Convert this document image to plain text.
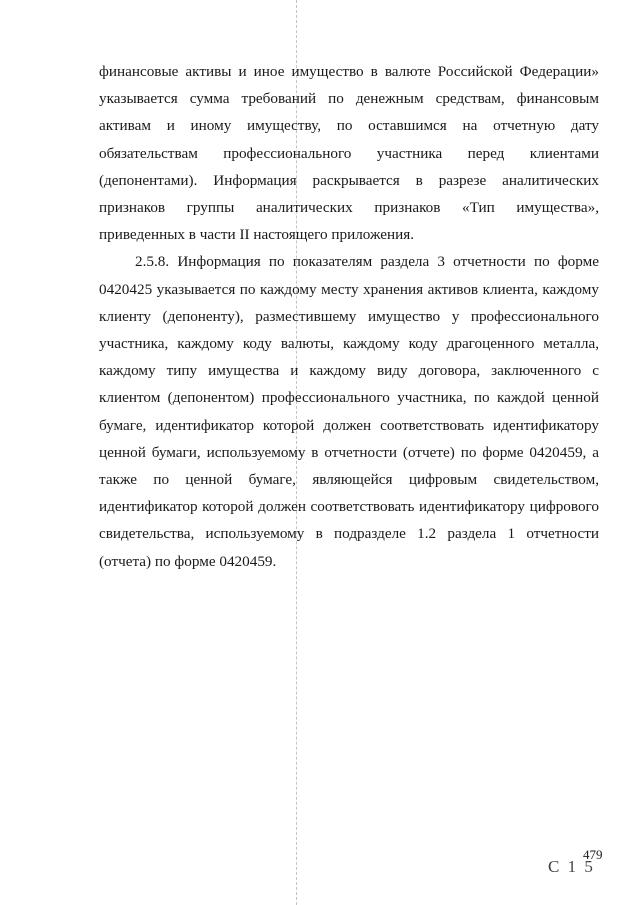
финансовые активы и иное имущество в валюте Российской Федерации» указывается сумма требований по денежным средствам, финансовым активам и иному имуществу, по оставшимся на отчетную дату обязательствам профессионального участника перед клиентами (депонентами). Информация раскрывается в разрезе аналитических признаков группы аналитических признаков «Тип имущества», приведенных в части II настоящего приложения.

2.5.8. Информация по показателям раздела 3 отчетности по форме 0420425 указывается по каждому месту хранения активов клиента, каждому клиенту (депоненту), разместившему имущество у профессионального участника, каждому коду валюты, каждому коду драгоценного металла, каждому типу имущества и каждому виду договора, заключенного с клиентом (депонентом) профессионального участника, по каждой ценной бумаге, идентификатор которой должен соответствовать идентификатору ценной бумаги, используемому в отчетности (отчете) по форме 0420459, а также по ценной бумаге, являющейся цифровым свидетельством, идентификатор которой должен соответствовать идентификатору цифрового свидетельства, используемому в подразделе 1.2 раздела 1 отчетности (отчета) по форме 0420459.

С 1 5
479
